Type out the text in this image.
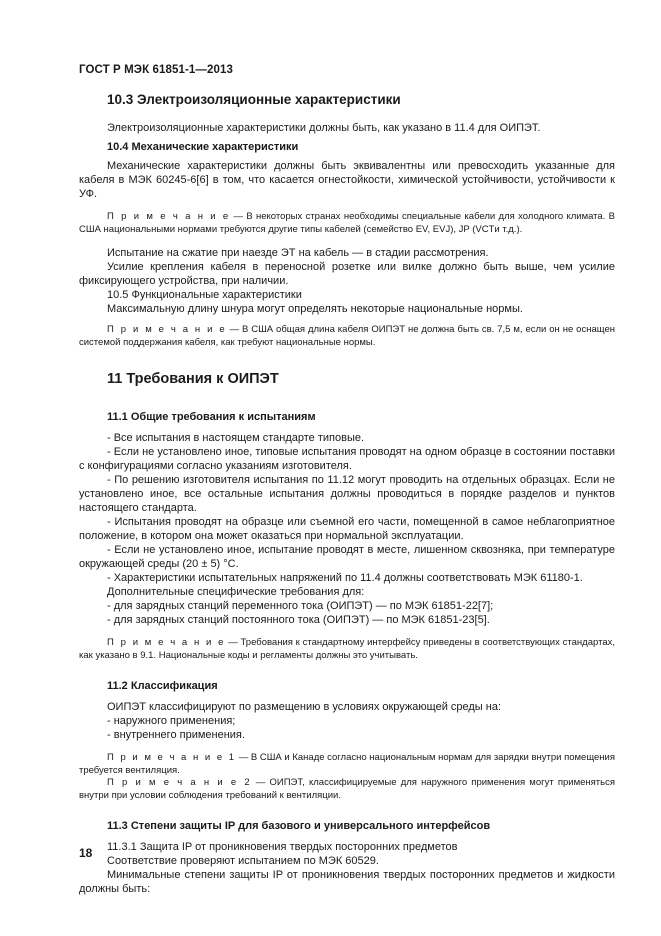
ГОСТ Р МЭК 61851-1—2013
10.3 Электроизоляционные характеристики

Электроизоляционные характеристики должны быть, как указано в 11.4 для ОИПЭТ.

10.4 Механические характеристики

Механические характеристики должны быть эквивалентны или превосходить указанные для кабеля в МЭК 60245-6[6] в том, что касается огнестойкости, химической устойчивости, устойчивости к УФ.

П р и м е ч а н и е — В некоторых странах необходимы специальные кабели для холодного климата. В США национальными нормами требуются другие типы кабелей (семейство EV, EVJ), JP (VCTи т.д.).

Испытание на сжатие при наезде ЭТ на кабель — в стадии рассмотрения.

Усилие крепления кабеля в переносной розетке или вилке должно быть выше, чем усилие фиксирующего устройства, при наличии.

10.5 Функциональные характеристики

Максимальную длину шнура могут определять некоторые национальные нормы.

П р и м е ч а н и е — В США общая длина кабеля ОИПЭТ не должна быть св. 7,5 м, если он не оснащен системой поддержания кабеля, как требуют национальные нормы.

11 Требования к ОИПЭТ
11.1 Общие требования к испытаниям

- Все испытания в настоящем стандарте типовые.

- Если не установлено иное, типовые испытания проводят на одном образце в состоянии поставки с конфигурациями согласно указаниям изготовителя.

- По решению изготовителя испытания по 11.12 могут проводить на отдельных образцах. Если не установлено иное, все остальные испытания должны проводиться в порядке разделов и пунктов настоящего стандарта.

- Испытания проводят на образце или съемной его части, помещенной в самое неблагоприятное положение, в котором она может оказаться при нормальной эксплуатации.

- Если не установлено иное, испытание проводят в месте, лишенном сквозняка, при температуре окружающей среды (20 ± 5) °С.

- Характеристики испытательных напряжений по 11.4 должны соответствовать МЭК 61180-1.

Дополнительные специфические требования для:

- для зарядных станций переменного тока (ОИПЭТ) — по МЭК 61851-22[7];

- для зарядных станций постоянного тока (ОИПЭТ) — по МЭК 61851-23[5].

П р и м е ч а н и е — Требования к стандартному интерфейсу приведены в соответствующих стандартах, как указано в 9.1. Национальные коды и регламенты должны это учитывать.

11.2 Классификация

ОИПЭТ классифицируют по размещению в условиях окружающей среды на:

- наружного применения;

- внутреннего применения.

П р и м е ч а н и е 1 — В США и Канаде согласно национальным нормам для зарядки внутри помещения требуется вентиляция.

П р и м е ч а н и е 2 — ОИПЭТ, классифицируемые для наружного применения могут применяться внутри при условии соблюдения требований к вентиляции.

11.3 Степени защиты IP для базового и универсального интерфейсов

11.3.1 Защита IP от проникновения твердых посторонних предметов

Соответствие проверяют испытанием по МЭК 60529.

Минимальные степени защиты IP от проникновения твердых посторонних предметов и жидкости должны быть:

18
